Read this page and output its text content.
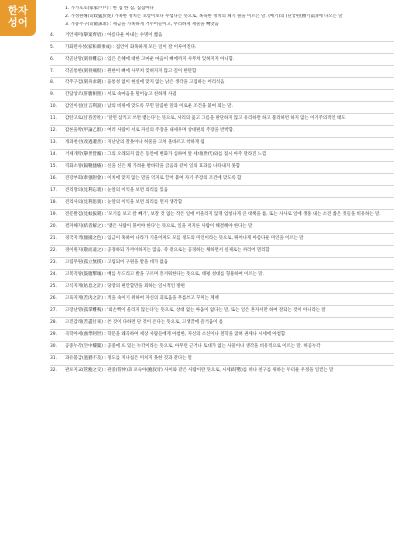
한자
성어
1. 가가호호(家家戶戶) : 한 집 한 집, 집집마다
2. 가성원해(苛政猛於虎) 가혹한 정치는 호랑이보다 무섭다는 뜻으로, 혹독한 정치의 폐기 클을 이르는 말. (예기)의 (단궁편(檀弓篇))에 나오는 말
3. 가중주구(苛斂誅求) : 세금을 가혹하게 거두어들이고, 무리하게 재물을 빼앗음
4.	거안제미(擧案齊眉) : 아름다운 아내는 수명이 짧음
5.	가화만사성(家和萬事成) : 집안이 화목하게 모든 일이 잘 이루어진다.
6.	각골난망(刻骨難忘) : 입은 은혜에 대한 고마운 마음이 뼈에까지 사무쳐 잊혀지지 아니함.
7.	각골통한(刻骨痛恨) : 원한이 뼈에 사무쳐 잊혀지지 않고 깊이 한탄함
8.	각주구검(刻舟求劍) : 융통성 없이 현실에 맞지 않는 낡은 생각을 고집하는 어리석음
9.	간담상조(肝膽相照) : 서로 속마음을 털어놓고 친하게 사귐
10.	감언이설(甘言利說) : 남의 비위에 맞도록 꾸민 달콤한 말과 이로운 조건을 붙여 꾀는 말.
11.	감탄고토(甘呑苦吐) : '달면 삼키고 쓰면 뱉는다'는 뜻으로, 사리의 옳고 그름을 판단하지 않고 유리하면 하고 불리하면 하지 않는 이기주의적인 태도
12.	갑론을박(甲論乙駁) : 여러 사람이 서로 자신의 주장을 내세우며 상대편의 주장을 반박함.
13.	개과천선(改過遷善) : 지난날의 잘못이나 허물을 고쳐 올바르고 착하게 됨
14.	거세개탁(擧世皆濁) : 그의 오래되지 않은 동안에 변화가 심하여 앞 세대(世代)와를 접시 아주 달라진 느낌
15.	격화소양(隔靴搔癢) : 신을 신은 채 가려운 발바닥을 긁음과 같이 일의 효과를 나타내지 못함
16.	견강부회(牽强附會) : 이치에 맞지 않는 말을 억지로 끌어 붙여 자기 주장의 조건에 맞도록 함
17.	견리망의(見利忘義) : 눈앞의 이익을 보면 의리를 잊음
18.	견리사의(見利思義) : 눈앞의 이익을 보면 의리를 먼저 생각함
19.	견문발검(見蚊拔劍) : '모기를 보고 칼 빼기', 보잘 것 없는 작은 일에 어울리지 않게 엄청나게 큰 대책을 씀, 또는 사사로 일에 생뚱 내는 소견 좁은 짓들을 비유하는 말.
20.	결자해지(結者解之) : '맺은 사람이 풀어야 한다'는 뜻으로, 일을 저지른 사람이 해결해야 한다는 말
21.	경국지색(傾國之色) : 임금이 혹하여 나라가 기울어져도 모를 정도의 미인이라는 뜻으로, 뛰어나게 아름다운 미인을 이르는 말
22.	경이원지(敬而遠之) : 공경하되 가까이하지는 않음. 즉 겉으로는 공경하는 체하면서 실제로는 꺼리어 멀리함
23.	고립무원(孤立無援) : 고립되어 구원을 받을 데가 없음
24.	고복격양(鼓腹擊壤) : 배를 두드리고 발을 구르며 흥겨워한다는 뜻으로, 태평 성대를 형용하여 이르는 말.
25.	고식지계(姑息之計) : 당장의 편안함만을 꾀하는 일시적인 방편
26.	고육지계(苦肉之計) : 적을 속이기 위하여 자신의 괴로움을 무릅쓰고 꾸미는 계책
27.	고장난명(孤掌難鳴) : '외손뼉이 울리지 않는다'는 뜻으로, 상대 없는 싸움이 없다는 말, 또는 일은 혼자서만 하여 잘되는 것이 아니라는 말
28.	고진감래(苦盡甘來) : 쓴 것이 다하면 단 것이 온다는 뜻으로, 고생끝에 즐거움이 옴
29.	곡학아세(曲學阿世) : 학문을 왜곡하여 세상 사람들에게 아첨한, 자신의 소신이나 철학을 굽혀 권세나 시세에 아첨함
30.	공중누각(空中樓閣) : 공중에 뜨 있는 누각이라는 뜻으로, 아무런 근거나 토대가 없는 사물이나 생각을 비유적으로 이르는 말. 허공누각
31.	과유불급(過猶不及) : 정도를 지나침은 미치지 못한 것과 같다는 말
32.	관포지교(管鮑之交) : 관중(管仲)과 포숙아(鮑叔牙) 사이와 같은 사람이란 뜻으로, 시세(時勢)를 떠나 친구를 위하는 두터운 우정을 일컫는 말
